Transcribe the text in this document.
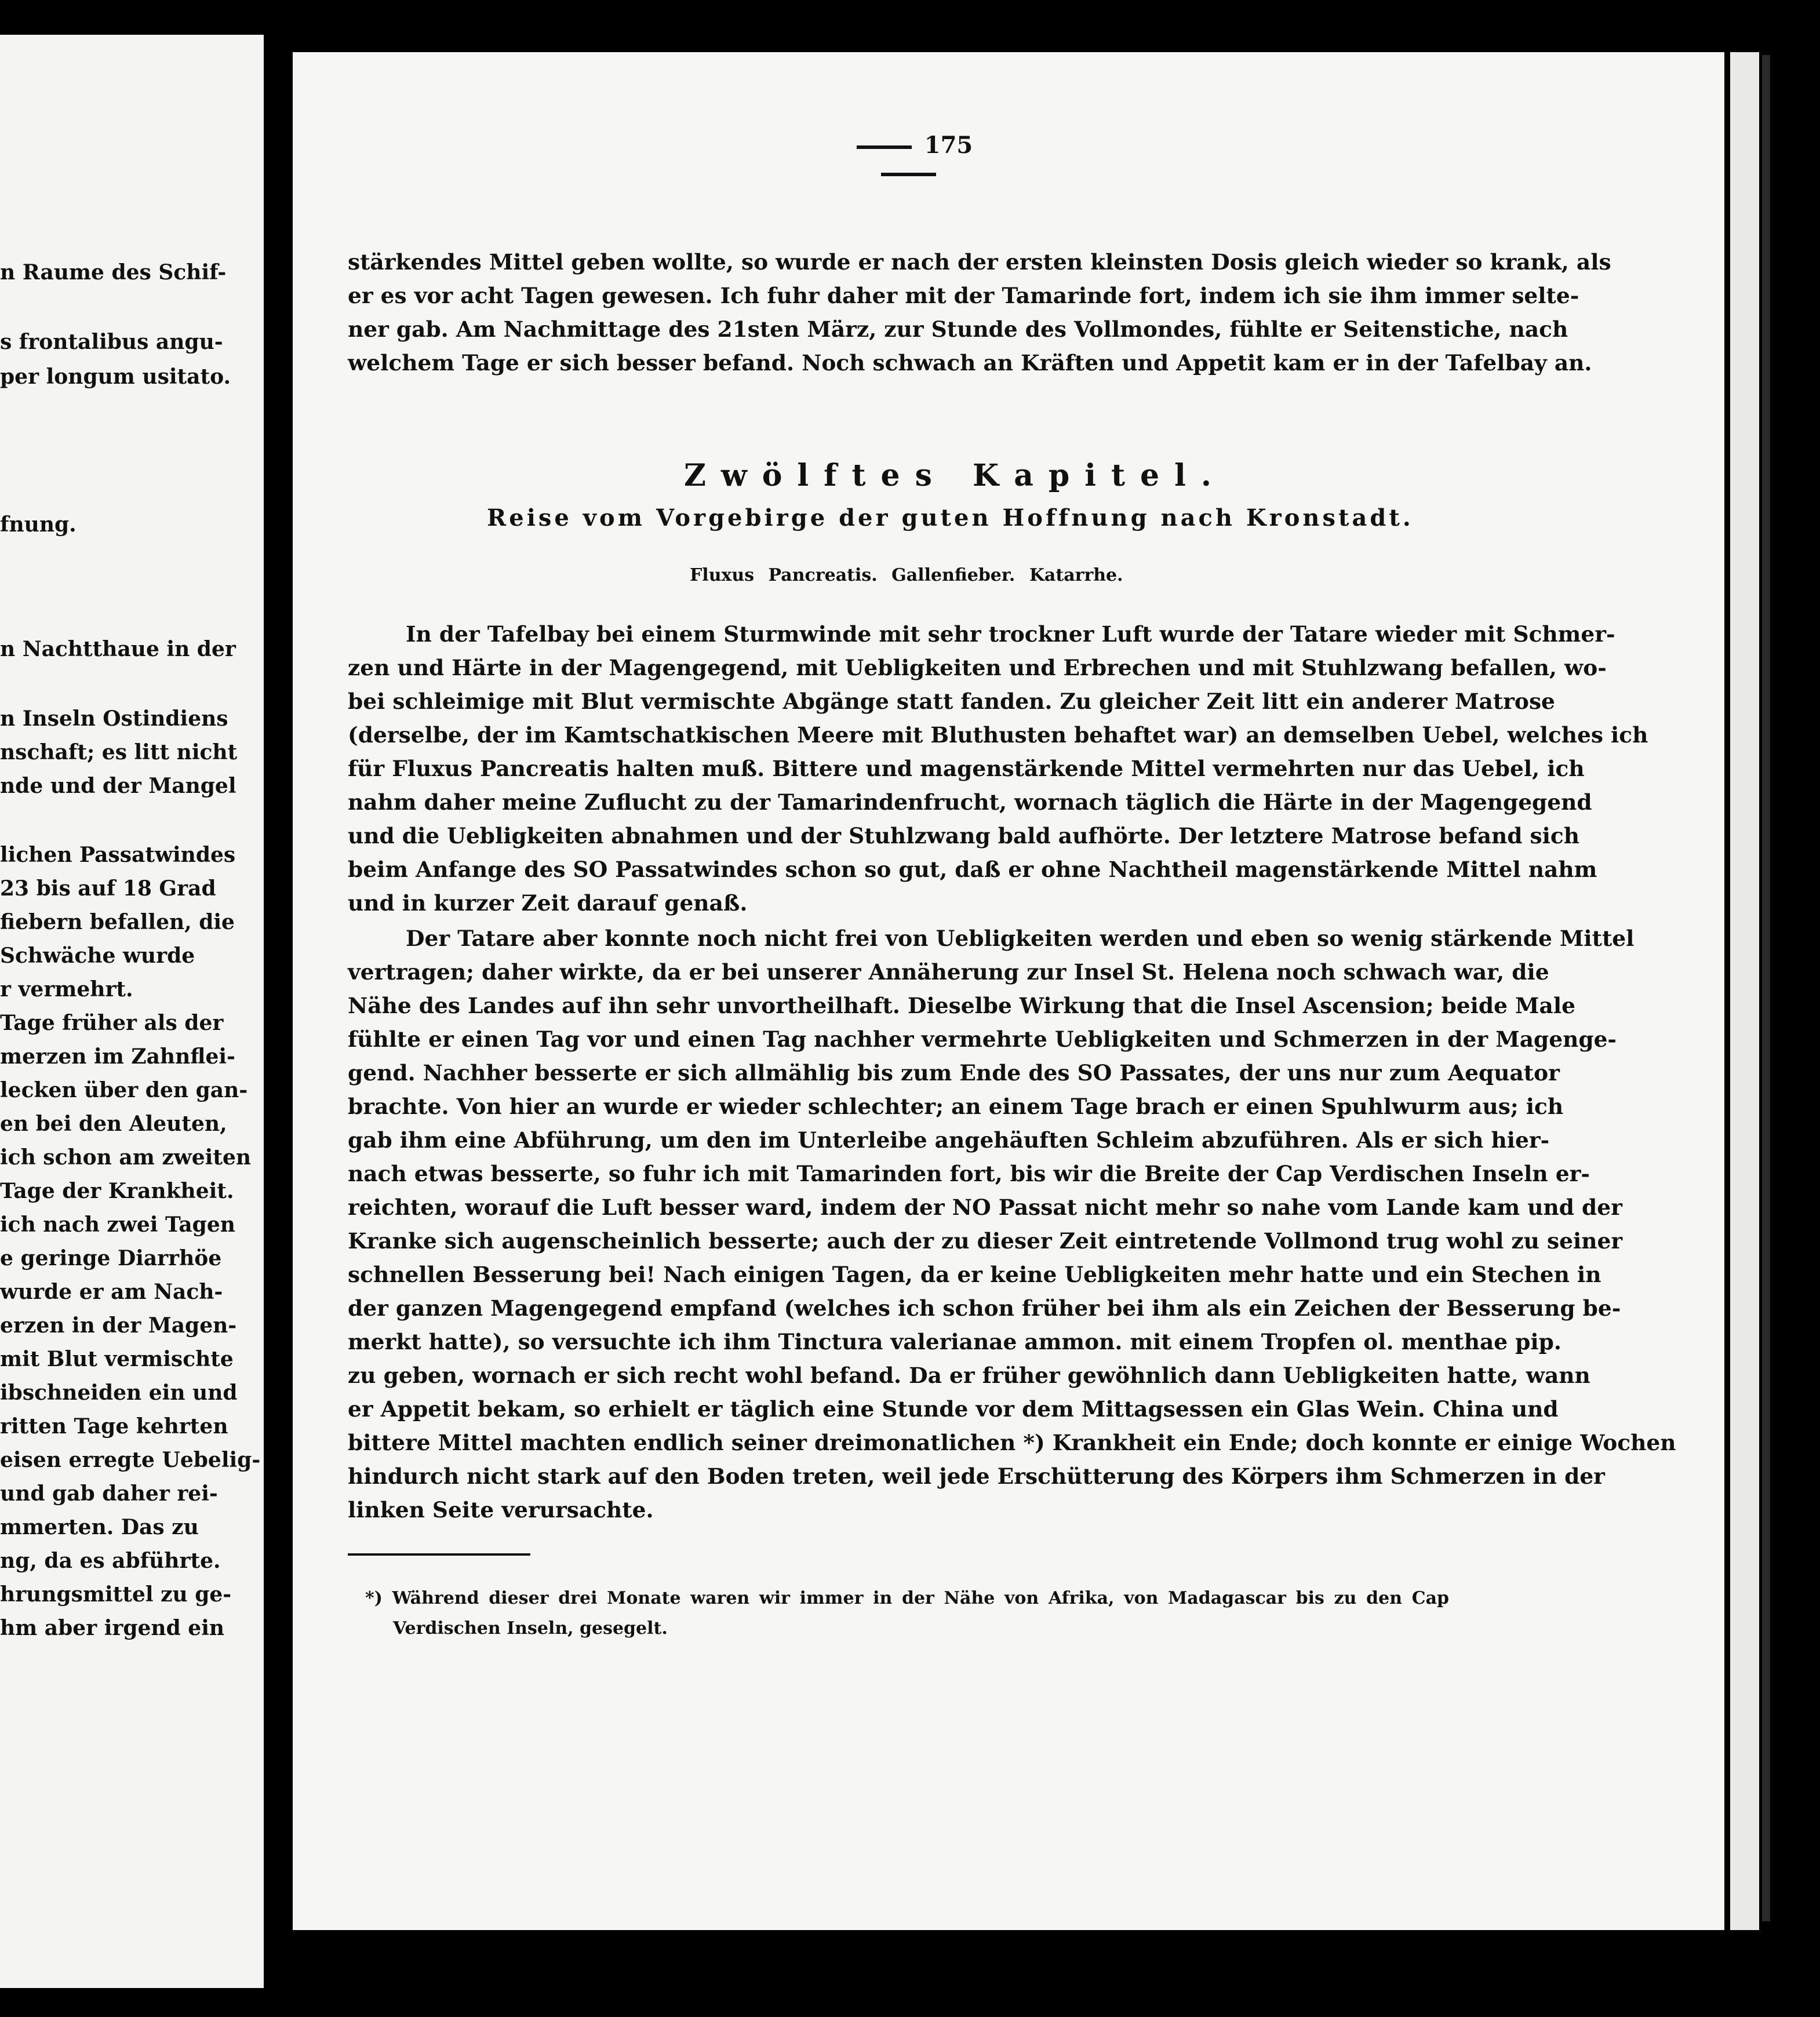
n Raume des Schif-
s frontalibus angu-
per longum usitato.
fnung.
n Nachtthaue in der
n Inseln Ostindiens
nschaft; es litt nicht
nde und der Mangel
lichen Passatwindes
23 bis auf 18 Grad
fiebern befallen, die
Schwäche wurde
r vermehrt.
Tage früher als der
merzen im Zahnflei-
lecken über den gan-
en bei den Aleuten,
ich schon am zweiten
Tage der Krankheit.
ich nach zwei Tagen
e geringe Diarrhöe
wurde er am Nach-
erzen in der Magen-
mit Blut vermischte
ibschneiden ein und
ritten Tage kehrten
eisen erregte Uebelig-
und gab daher rei-
mmerten. Das zu
ng, da es abführte.
hrungsmittel zu ge-
hm aber irgend ein
175
stärkendes Mittel geben wollte, so wurde er nach der ersten kleinsten Dosis gleich wieder so krank, als
er es vor acht Tagen gewesen. Ich fuhr daher mit der Tamarinde fort, indem ich sie ihm immer selte-
ner gab. Am Nachmittage des 21sten März, zur Stunde des Vollmondes, fühlte er Seitenstiche, nach
welchem Tage er sich besser befand. Noch schwach an Kräften und Appetit kam er in der Tafelbay an.
Zwölftes Kapitel.
Reise vom Vorgebirge der guten Hoffnung nach Kronstadt.
Fluxus Pancreatis. Gallenfieber. Katarrhe.
In der Tafelbay bei einem Sturmwinde mit sehr trockner Luft wurde der Tatare wieder mit Schmer-
zen und Härte in der Magengegend, mit Uebligkeiten und Erbrechen und mit Stuhlzwang befallen, wo-
bei schleimige mit Blut vermischte Abgänge statt fanden. Zu gleicher Zeit litt ein anderer Matrose
(derselbe, der im Kamtschatkischen Meere mit Bluthusten behaftet war) an demselben Uebel, welches ich
für Fluxus Pancreatis halten muß. Bittere und magenstärkende Mittel vermehrten nur das Uebel, ich
nahm daher meine Zuflucht zu der Tamarindenfrucht, wornach täglich die Härte in der Magengegend
und die Uebligkeiten abnahmen und der Stuhlzwang bald aufhörte. Der letztere Matrose befand sich
beim Anfange des SO Passatwindes schon so gut, daß er ohne Nachtheil magenstärkende Mittel nahm
und in kurzer Zeit darauf genaß.
Der Tatare aber konnte noch nicht frei von Uebligkeiten werden und eben so wenig stärkende Mittel
vertragen; daher wirkte, da er bei unserer Annäherung zur Insel St. Helena noch schwach war, die
Nähe des Landes auf ihn sehr unvortheilhaft. Dieselbe Wirkung that die Insel Ascension; beide Male
fühlte er einen Tag vor und einen Tag nachher vermehrte Uebligkeiten und Schmerzen in der Magenge-
gend. Nachher besserte er sich allmählig bis zum Ende des SO Passates, der uns nur zum Aequator
brachte. Von hier an wurde er wieder schlechter; an einem Tage brach er einen Spuhlwurm aus; ich
gab ihm eine Abführung, um den im Unterleibe angehäuften Schleim abzuführen. Als er sich hier-
nach etwas besserte, so fuhr ich mit Tamarinden fort, bis wir die Breite der Cap Verdischen Inseln er-
reichten, worauf die Luft besser ward, indem der NO Passat nicht mehr so nahe vom Lande kam und der
Kranke sich augenscheinlich besserte; auch der zu dieser Zeit eintretende Vollmond trug wohl zu seiner
schnellen Besserung bei! Nach einigen Tagen, da er keine Uebligkeiten mehr hatte und ein Stechen in
der ganzen Magengegend empfand (welches ich schon früher bei ihm als ein Zeichen der Besserung be-
merkt hatte), so versuchte ich ihm Tinctura valerianae ammon. mit einem Tropfen ol. menthae pip.
zu geben, wornach er sich recht wohl befand. Da er früher gewöhnlich dann Uebligkeiten hatte, wann
er Appetit bekam, so erhielt er täglich eine Stunde vor dem Mittagsessen ein Glas Wein. China und
bittere Mittel machten endlich seiner dreimonatlichen *) Krankheit ein Ende; doch konnte er einige Wochen
hindurch nicht stark auf den Boden treten, weil jede Erschütterung des Körpers ihm Schmerzen in der
linken Seite verursachte.
*) Während dieser drei Monate waren wir immer in der Nähe von Afrika, von Madagascar bis zu den Cap
Verdischen Inseln, gesegelt.
